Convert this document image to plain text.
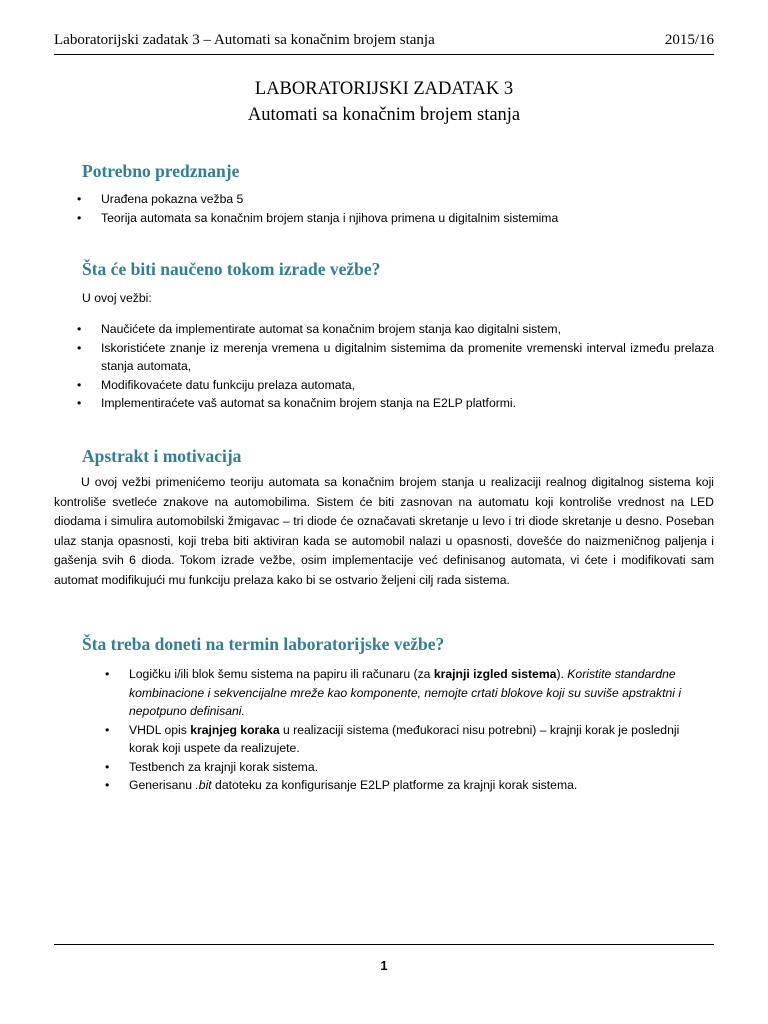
Laboratorijski zadatak 3 – Automati sa konačnim brojem stanja	2015/16
LABORATORIJSKI ZADATAK 3
Automati sa konačnim brojem stanja
Potrebno predznanje
• Urađena pokazna vežba 5
• Teorija automata sa konačnim brojem stanja i njihova primena u digitalnim sistemima
Šta će biti naučeno tokom izrade vežbe?
U ovoj vežbi:
• Naučićete da implementirate automat sa konačnim brojem stanja kao digitalni sistem,
• Iskoristićete znanje iz merenja vremena u digitalnim sistemima da promenite vremenski interval između prelaza stanja automata,
• Modifikovaćete datu funkciju prelaza automata,
• Implementiraćete vaš automat sa konačnim brojem stanja na E2LP platformi.
Apstrakt i motivacija

U ovoj vežbi primenićemo teoriju automata sa konačnim brojem stanja u realizaciji realnog digitalnog sistema koji kontroliše svetleće znakove na automobilima. Sistem će biti zasnovan na automatu koji kontroliše vrednost na LED diodama i simulira automobilski žmigavac – tri diode će označavati skretanje u levo i tri diode skretanje u desno. Poseban ulaz stanja opasnosti, koji treba biti aktiviran kada se automobil nalazi u opasnosti, dovešće do naizmeničnog paljenja i gašenja svih 6 dioda. Tokom izrade vežbe, osim implementacije već definisanog automata, vi ćete i modifikovati sam automat modifikujući mu funkciju prelaza kako bi se ostvario željeni cilj rada sistema.

Šta treba doneti na termin laboratorijske vežbe?
• Logičku i/ili blok šemu sistema na papiru ili računaru (za krajnji izgled sistema). Koristite standardne kombinacione i sekvencijalne mreže kao komponente, nemojte crtati blokove koji su suviše apstraktni i nepotpuno definisani.
• VHDL opis krajnjeg koraka u realizaciji sistema (međukoraci nisu potrebni) – krajnji korak je poslednji korak koji uspete da realizujete.
• Testbench za krajnji korak sistema.
• Generisanu .bit datoteku za konfigurisanje E2LP platforme za krajnji korak sistema.
1
